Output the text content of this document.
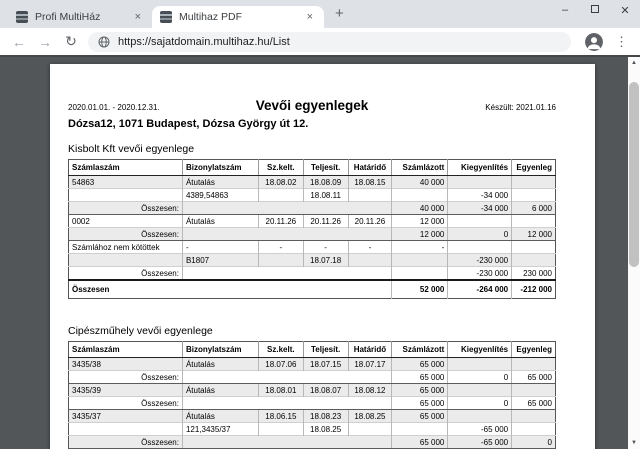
Profi MultiHáz	×	Multihaz PDF	× +	–	✕
← → ↻	https://sajatdomain.multihaz.hu/List	⋮
2020.01.01. - 2020.12.31.	Vevői egyenlegek	Készült: 2021.01.16
Dózsa12, 1071 Budapest, Dózsa György út 12.
Kisbolt Kft vevői egyenlege
Számlaszám	Bizonylatszám	Sz.kelt.	Teljesít.	Határidő	Számlázott	Kiegyenlítés	Egyenleg
54863	Átutalás	18.08.02	18.08.09	18.08.15	40 000		
	4389,54863		18.08.11			-34 000	
Összesen:					40 000	-34 000	6 000
0002	Átutalás	20.11.26	20.11.26	20.11.26	12 000		
Összesen:					12 000	0	12 000
Számlához nem kötöttek	-	-	-	-	-		
	B1807		18.07.18			-230 000	
Összesen:						-230 000	230 000
Összesen					52 000	-264 000	-212 000
Cipészműhely vevői egyenlege
Számlaszám	Bizonylatszám	Sz.kelt.	Teljesít.	Határidő	Számlázott	Kiegyenlítés	Egyenleg
3435/38	Átutalás	18.07.06	18.07.15	18.07.17	65 000		
Összesen:					65 000	0	65 000
3435/39	Átutalás	18.08.01	18.08.07	18.08.12	65 000		
Összesen:					65 000	0	65 000
3435/37	Átutalás	18.06.15	18.08.23	18.08.25	65 000		
	121,3435/37		18.08.25			-65 000	
Összesen:					65 000	-65 000	0
▲
▼
